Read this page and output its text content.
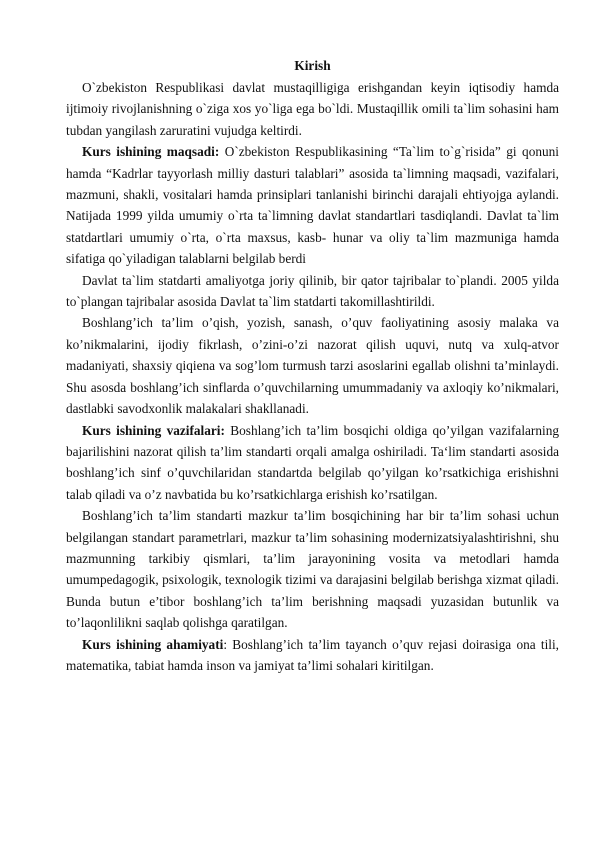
Kirish

O`zbekiston Respublikasi davlat mustaqilligiga erishgandan keyin iqtisodiy hamda ijtimoiy rivojlanishning o`ziga xos yo`liga ega bo`ldi. Mustaqillik omili ta`lim sohasini ham tubdan yangilash zaruratini vujudga keltirdi.

Kurs ishining maqsadi: O`zbekiston Respublikasining “Ta`lim to`g`risida” gi qonuni hamda “Kadrlar tayyorlash milliy dasturi talablari” asosida ta`limning maqsadi, vazifalari, mazmuni, shakli, vositalari hamda prinsiplari tanlanishi birinchi darajali ehtiyojga aylandi. Natijada 1999 yilda umumiy o`rta ta`limning davlat standartlari tasdiqlandi. Davlat ta`lim statdartlari umumiy o`rta, o`rta maxsus, kasb- hunar va oliy ta`lim mazmuniga hamda sifatiga qo`yiladigan talablarni belgilab berdi

Davlat ta`lim statdarti amaliyotga joriy qilinib, bir qator tajribalar to`plandi. 2005 yilda to`plangan tajribalar asosida Davlat ta`lim statdarti takomillashtirildi.

Boshlang’ich ta’lim o’qish, yozish, sanash, o’quv faoliyatining asosiy malaka va ko’nikmalarini, ijodiy fikrlash, o’zini-o’zi nazorat qilish uquvi, nutq va xulq-atvor madaniyati, shaxsiy qiqiena va sog’lom turmush tarzi asoslarini egallab olishni ta’minlaydi. Shu asosda boshlang’ich sinflarda o’quvchilarning umummadaniy va axloqiy ko’nikmalari, dastlabki savodxonlik malakalari shakllanadi.

Kurs ishining vazifalari: Boshlang’ich ta’lim bosqichi oldiga qo’yilgan vazifalarning bajarilishini nazorat qilish ta’lim standarti orqali amalga oshiriladi. Ta‘lim standarti asosida boshlang’ich sinf o’quvchilaridan standartda belgilab qo’yilgan ko’rsatkichiga erishishni talab qiladi va o’z navbatida bu ko’rsatkichlarga erishish ko’rsatilgan.

Boshlang’ich ta’lim standarti mazkur ta’lim bosqichining har bir ta’lim sohasi uchun belgilangan standart parametrlari, mazkur ta’lim sohasining modernizatsiyalashtirishni, shu mazmunning tarkibiy qismlari, ta’lim jarayonining vosita va metodlari hamda umumpedagogik, psixologik, texnologik tizimi va darajasini belgilab berishga xizmat qiladi. Bunda butun e’tibor boshlang’ich ta’lim berishning maqsadi yuzasidan butunlik va to’laqonlilikni saqlab qolishga qaratilgan.

Kurs ishining ahamiyati: Boshlang’ich ta’lim tayanch o’quv rejasi doirasiga ona tili, matematika, tabiat hamda inson va jamiyat ta’limi sohalari kiritilgan.
